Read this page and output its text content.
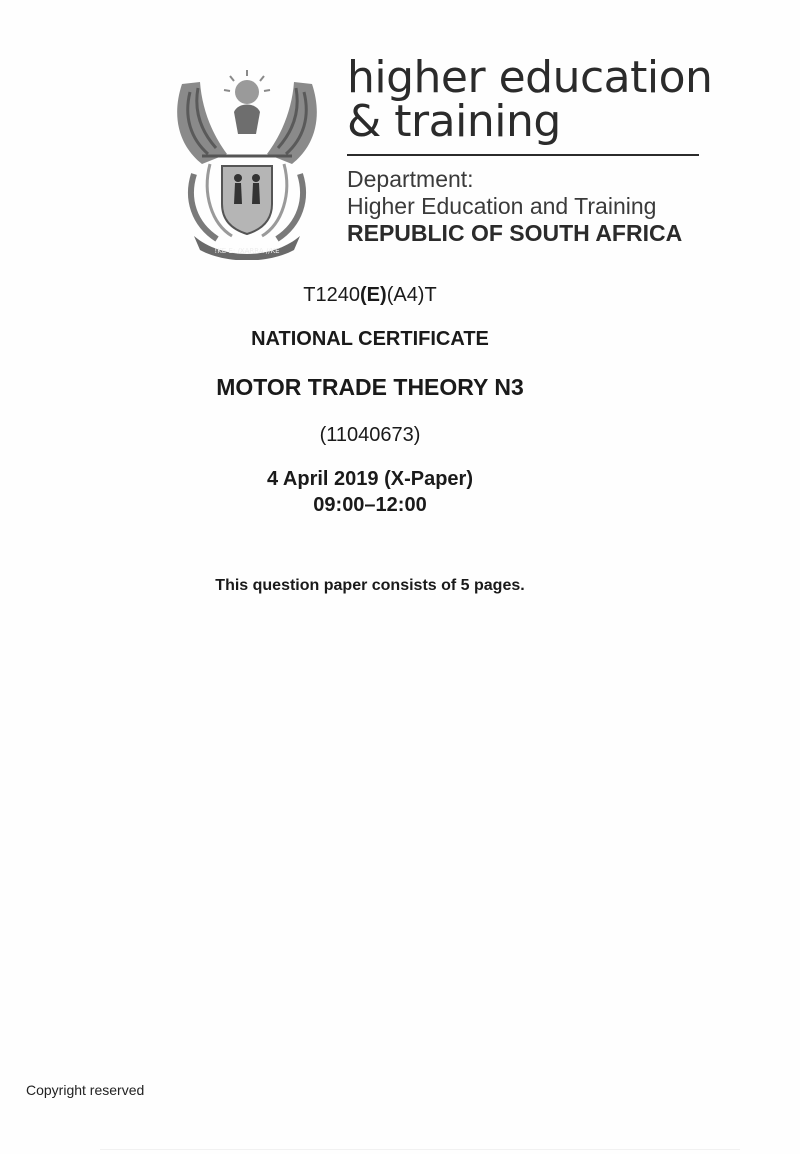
!KE E: /XARRA //KE
higher education
& training
Department:
Higher Education and Training
REPUBLIC OF SOUTH AFRICA
T1240(E)(A4)T
NATIONAL CERTIFICATE
MOTOR TRADE THEORY N3
(11040673)
4 April 2019 (X-Paper)
09:00–12:00
This question paper consists of 5 pages.
Copyright reserved
